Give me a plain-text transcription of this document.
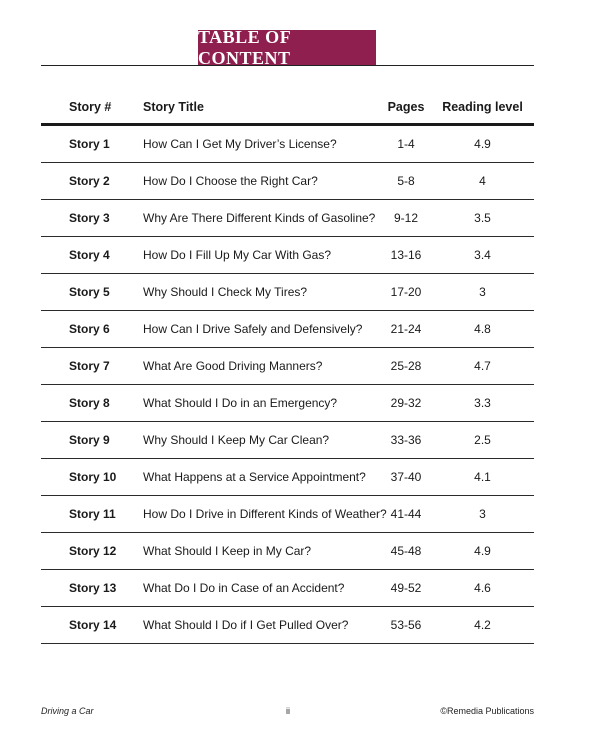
TABLE OF CONTENT
Story #	Story Title	Pages	Reading level
Story 1	How Can I Get My Driver’s License?	1-4	4.9
Story 2	How Do I Choose the Right Car?	5-8	4
Story 3	Why Are There Different Kinds of Gasoline?	9-12	3.5
Story 4	How Do I Fill Up My Car With Gas?	13-16	3.4
Story 5	Why Should I Check My Tires?	17-20	3
Story 6	How Can I Drive Safely and Defensively?	21-24	4.8
Story 7	What Are Good Driving Manners?	25-28	4.7
Story 8	What Should I Do in an Emergency?	29-32	3.3
Story 9	Why Should I Keep My Car Clean?	33-36	2.5
Story 10	What Happens at a Service Appointment?	37-40	4.1
Story 11	How Do I Drive in Different Kinds of Weather? 41-44	3
Story 12	What Should I Keep in My Car?	45-48	4.9
Story 13	What Do I Do in Case of an Accident?	49-52	4.6
Story 14	What Should I Do if I Get Pulled Over?	53-56	4.2
Driving a Car	ii	©Remedia Publications
